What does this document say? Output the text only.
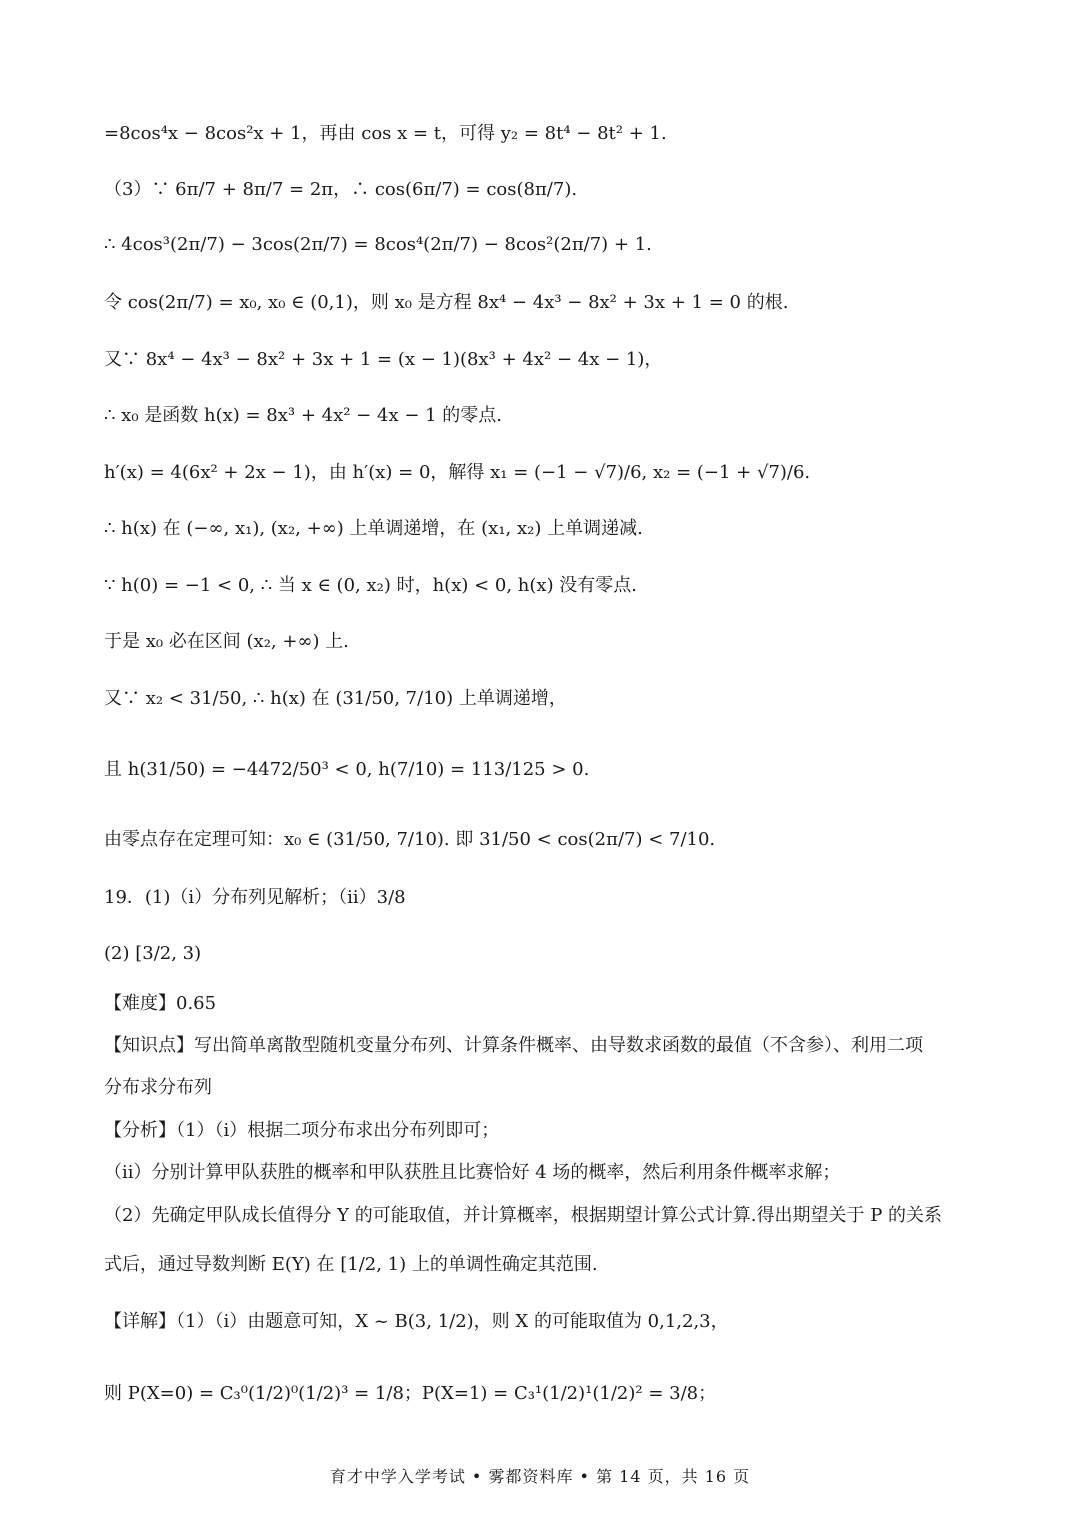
=8cos⁴x − 8cos²x + 1，再由 cos x = t，可得 y₂ = 8t⁴ − 8t² + 1.
（3）∵ 6π/7 + 8π/7 = 2π，∴ cos(6π/7) = cos(8π/7).
∴ 4cos³(2π/7) − 3cos(2π/7) = 8cos⁴(2π/7) − 8cos²(2π/7) + 1.
令 cos(2π/7) = x₀, x₀ ∈ (0,1)，则 x₀ 是方程 8x⁴ − 4x³ − 8x² + 3x + 1 = 0 的根.
又∵ 8x⁴ − 4x³ − 8x² + 3x + 1 = (x − 1)(8x³ + 4x² − 4x − 1)，
∴ x₀ 是函数 h(x) = 8x³ + 4x² − 4x − 1 的零点.
h′(x) = 4(6x² + 2x − 1)，由 h′(x) = 0，解得 x₁ = (−1 − √7)/6, x₂ = (−1 + √7)/6.
∴ h(x) 在 (−∞, x₁), (x₂, +∞) 上单调递增，在 (x₁, x₂) 上单调递减.
∵ h(0) = −1 < 0, ∴ 当 x ∈ (0, x₂) 时，h(x) < 0, h(x) 没有零点.
于是 x₀ 必在区间 (x₂, +∞) 上.
又∵ x₂ < 31/50, ∴ h(x) 在 (31/50, 7/10) 上单调递增，
且 h(31/50) = −4472/50³ < 0, h(7/10) = 113/125 > 0.
由零点存在定理可知：x₀ ∈ (31/50, 7/10). 即 31/50 < cos(2π/7) < 7/10.
19．(1)（i）分布列见解析；（ii）3/8
(2) [3/2, 3)
【难度】0.65
【知识点】写出简单离散型随机变量分布列、计算条件概率、由导数求函数的最值（不含参）、利用二项
分布求分布列
【分析】（1）（i）根据二项分布求出分布列即可；
（ii）分别计算甲队获胜的概率和甲队获胜且比赛恰好 4 场的概率，然后利用条件概率求解；
（2）先确定甲队成长值得分 Y 的可能取值，并计算概率，根据期望计算公式计算.得出期望关于 P 的关系
式后，通过导数判断 E(Y) 在 [1/2, 1) 上的单调性确定其范围.
【详解】（1）（i）由题意可知，X ~ B(3, 1/2)，则 X 的可能取值为 0,1,2,3，
则 P(X=0) = C₃⁰(1/2)⁰(1/2)³ = 1/8；P(X=1) = C₃¹(1/2)¹(1/2)² = 3/8；
育才中学入学考试 • 雾都资料库 • 第 14 页，共 16 页
